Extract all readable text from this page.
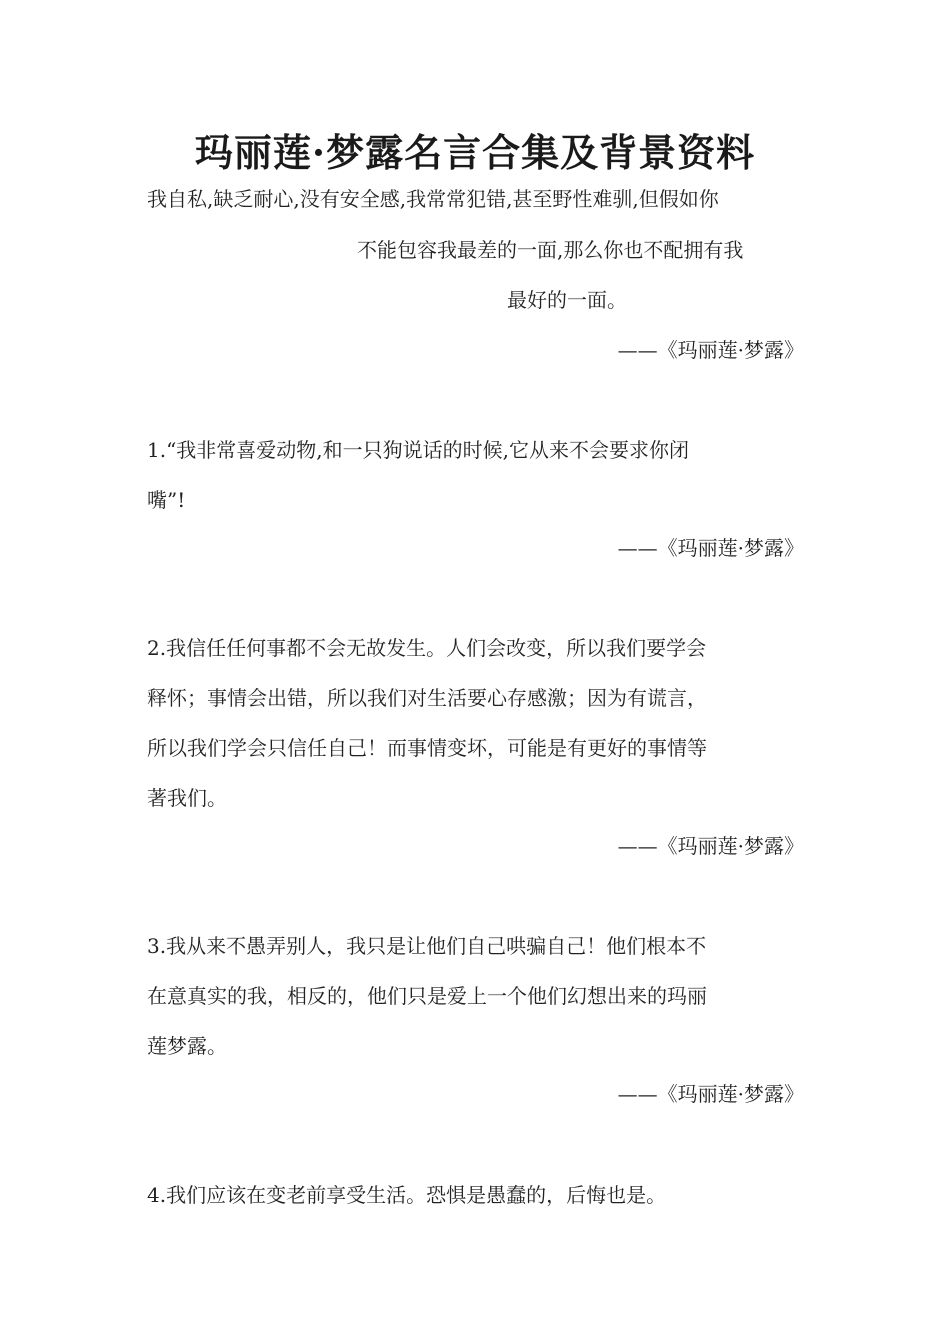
玛丽莲·梦露名言合集及背景资料
我自私,缺乏耐心,没有安全感,我常常犯错,甚至野性难驯,但假如你
不能包容我最差的一面,那么你也不配拥有我
最好的一面。
——《玛丽莲·梦露》
1.“我非常喜爱动物,和一只狗说话的时候,它从来不会要求你闭
嘴”!
——《玛丽莲·梦露》
2.我信任任何事都不会无故发生。人们会改变，所以我们要学会
释怀；事情会出错，所以我们对生活要心存感激；因为有谎言，
所以我们学会只信任自己！而事情变坏，可能是有更好的事情等
著我们。
——《玛丽莲·梦露》
3.我从来不愚弄别人，我只是让他们自己哄骗自己！他们根本不
在意真实的我，相反的，他们只是爱上一个他们幻想出来的玛丽
莲梦露。
——《玛丽莲·梦露》
4.我们应该在变老前享受生活。恐惧是愚蠢的，后悔也是。
